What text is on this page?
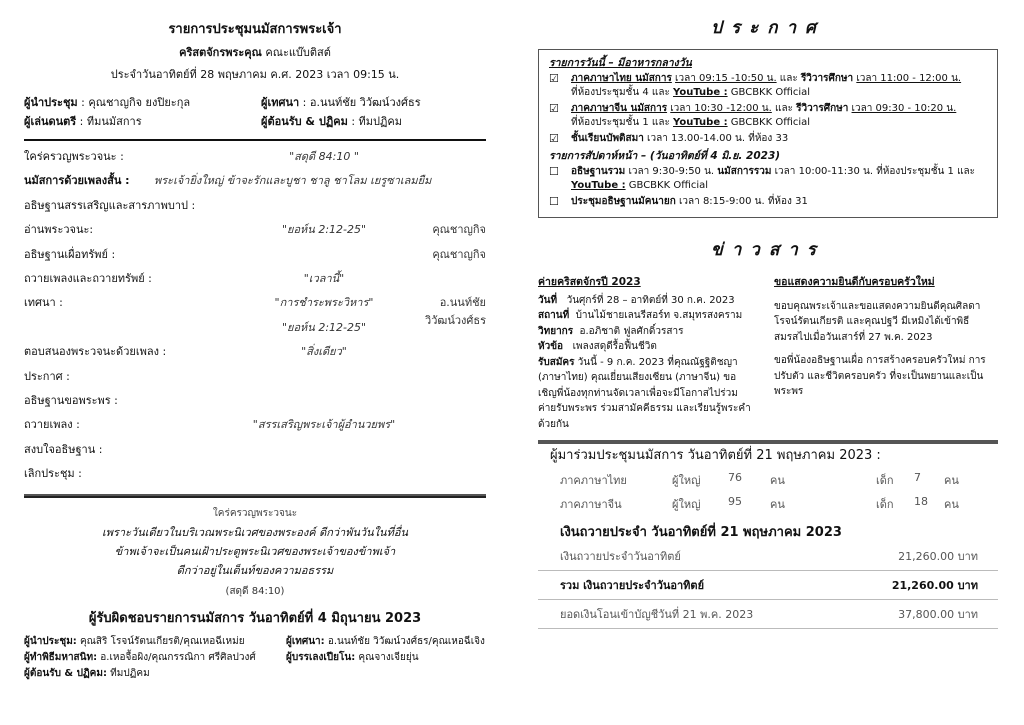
รายการประชุมนมัสการพระเจ้า
คริสตจักรพระคุณ คณะแบ๊บติสต์
ประจำวันอาทิตย์ที่ 28 พฤษภาคม ค.ศ. 2023 เวลา 09:15 น.
ผู้นำประชุม : คุณชาญกิจ ยงปิยะกุล	ผู้เทศนา : อ.นนท์ชัย วิวัฒน์วงศ์ธร
ผู้เล่นดนตรี : ทีมนมัสการ	ผู้ต้อนรับ & ปฏิคม : ทีมปฏิคม
ใคร่ครวญพระวจนะ :	"สดุดี 84:10 "
นมัสการด้วยเพลงสั้น :	พระเจ้ายิ่งใหญ่ ข้าจะรักและบูชา ชาลู ชาโลม เยรูซาเลมยืม
อธิษฐานสรรเสริญและสารภาพบาป :
อ่านพระวจนะ:	"ยอห์น 2:12-25"	คุณชาญกิจ
อธิษฐานเผื่อทรัพย์ :	คุณชาญกิจ
ถวายเพลงและถวายทรัพย์ :	"เวลานี้"
เทศนา :	"การชำระพระวิหาร"	อ.นนท์ชัย วิวัฒน์วงศ์ธร
"ยอห์น 2:12-25"
ตอบสนองพระวจนะด้วยเพลง :	"สิ่งเดียว"
ประกาศ :
อธิษฐานขอพระพร :
ถวายเพลง :	"สรรเสริญพระเจ้าผู้อำนวยพร"
สงบใจอธิษฐาน :
เลิกประชุม :
ใคร่ครวญพระวจนะ
เพราะวันเดียวในบริเวณพระนิเวศของพระองค์ ดีกว่าพันวันในที่อื่น
ข้าพเจ้าจะเป็นคนเฝ้าประตูพระนิเวศของพระเจ้าของข้าพเจ้า
ดีกว่าอยู่ในเต็นท์ของความอธรรม
(สดุดี 84:10)
ผู้รับผิดชอบรายการนมัสการ วันอาทิตย์ที่ 4 มิถุนายน 2023
ผู้นำประชุม: คุณสิริ โรจน์รัตนเกียรติ/คุณเหอฉีเหม่ย	ผู้เทศนา: อ.นนท์ชัย วิวัฒน์วงศ์ธร/คุณเหอฉีเจิง
ผู้ทำพิธีมหาสนิท: อ.เหอจื้อผิง/คุณกรรณิกา ศรีศิลปวงศ์	ผู้บรรเลงเปียโน: คุณจางเจียยุ่น
ผู้ต้อนรับ & ปฏิคม: ทีมปฏิคม
ประกาศ
รายการวันนี้ – มีอาหารกลางวัน
☑	ภาคภาษาไทย นมัสการ เวลา 09:15 -10:50 น. และ รีวิวารศึกษา เวลา 11:00 - 12:00 น.
ที่ห้องประชุมชั้น 4 และ YouTube : GBCBKK Official
☑	ภาคภาษาจีน นมัสการ เวลา 10:30 -12:00 น. และ รีวิวารศึกษา เวลา 09:30 - 10:20 น.
ที่ห้องประชุมชั้น 1 และ YouTube : GBCBKK Official
☑	ชั้นเรียนบัพติสมา เวลา 13.00-14.00 น. ที่ห้อง 33
รายการสัปดาห์หน้า – (วันอาทิตย์ที่ 4 มิ.ย. 2023)
☐	อธิษฐานรวม เวลา 9:30-9:50 น. นมัสการรวม เวลา 10:00-11:30 น. ที่ห้องประชุมชั้น 1 และ
YouTube : GBCBKK Official
☐	ประชุมอธิษฐานมัคนายก เวลา 8:15-9:00 น. ที่ห้อง 31
ข่าวสาร
ค่ายคริสตจักรปี 2023
วันที่ วันศุกร์ที่ 28 – อาทิตย์ที่ 30 ก.ค. 2023
สถานที่ บ้านไม้ชายเลนรีสอร์ท จ.สมุทรสงคราม
วิทยากร อ.อภิชาติ ฟูลศักดิ์วรสาร
หัวข้อ เพลงสดุดีรื้อฟื้นชีวิต
รับสมัคร วันนี้ - 9 ก.ค. 2023 ที่คุณณัฐฐิติชญา (ภาษาไทย) คุณเยี่ยนเสียงเซียน (ภาษาจีน) ขอเชิญพี่น้องทุกท่านจัดเวลาเพื่อจะมีโอกาสไปร่วมค่ายรับพระพร ร่วมสามัคคีธรรม และเรียนรู้พระคำด้วยกัน
ขอแสดงความยินดีกับครอบครัวใหม่
ขอบคุณพระเจ้าและขอแสดงความยินดีคุณศิลดา โรจน์รัตนเกียรติ และคุณปฐวี มีเหมิงได้เข้าพิธีสมรสไปเมื่อวันเสาร์ที่ 27 พ.ค. 2023
ขอพี่น้องอธิษฐานเผื่อ การสร้างครอบครัวใหม่ การปรับตัว และชีวิตครอบครัว ที่จะเป็นพยานและเป็นพระพร
ผู้มาร่วมประชุมนมัสการ วันอาทิตย์ที่ 21 พฤษภาคม 2023 :
ภาคภาษาไทย	ผู้ใหญ่	76	คน	เด็ก	7	คน
ภาคภาษาจีน	ผู้ใหญ่	95	คน	เด็ก	18	คน
เงินถวายประจำ วันอาทิตย์ที่ 21 พฤษภาคม 2023
เงินถวายประจำวันอาทิตย์	21,260.00 บาท
รวม เงินถวายประจำวันอาทิตย์	21,260.00 บาท
ยอดเงินโอนเข้าบัญชีวันที่ 21 พ.ค. 2023	37,800.00 บาท
